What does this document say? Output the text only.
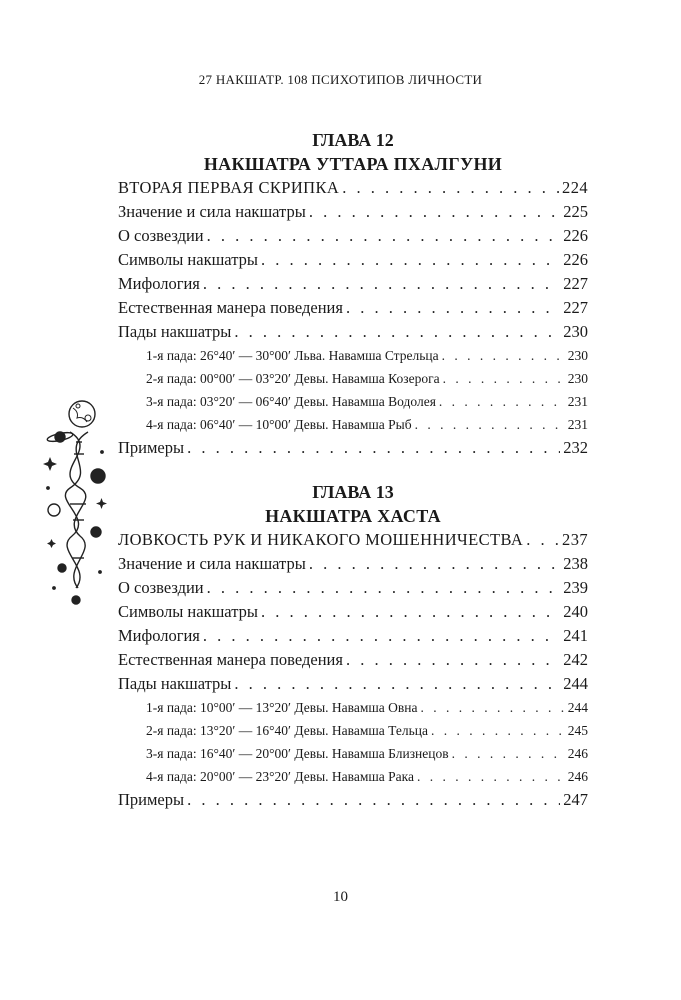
27 НАКШАТР. 108 ПСИХОТИПОВ ЛИЧНОСТИ
ГЛАВА 12
НАКШАТРА УТТАРА ПХАЛГУНИ
ВТОРАЯ ПЕРВАЯ СКРИПКА . . .	224
Значение и сила накшатры . . .	225
О созвездии . . .	226
Символы накшатры . . .	226
Мифология . . .	227
Естественная манера поведения . . .	227
Пады накшатры . . .	230
1-я пада: 26°40′ — 30°00′ Льва. Навамша Стрельца . . .	230
2-я пада: 00°00′ — 03°20′ Девы. Навамша Козерога . . .	230
3-я пада: 03°20′ — 06°40′ Девы. Навамша Водолея . . .	231
4-я пада: 06°40′ — 10°00′ Девы. Навамша Рыб . . .	231
Примеры . . .	232
ГЛАВА 13
НАКШАТРА ХАСТА
ЛОВКОСТЬ РУК И НИКАКОГО МОШЕННИЧЕСТВА . . . 237
Значение и сила накшатры . . .	238
О созвездии . . .	239
Символы накшатры . . .	240
Мифология . . .	241
Естественная манера поведения . . .	242
Пады накшатры . . .	244
1-я пада: 10°00′ — 13°20′ Девы. Навамша Овна . . .	244
2-я пада: 13°20′ — 16°40′ Девы. Навамша Тельца . . .	245
3-я пада: 16°40′ — 20°00′ Девы. Навамша Близнецов . . .	246
4-я пада: 20°00′ — 23°20′ Девы. Навамша Рака . . .	246
Примеры . . .	247
10
